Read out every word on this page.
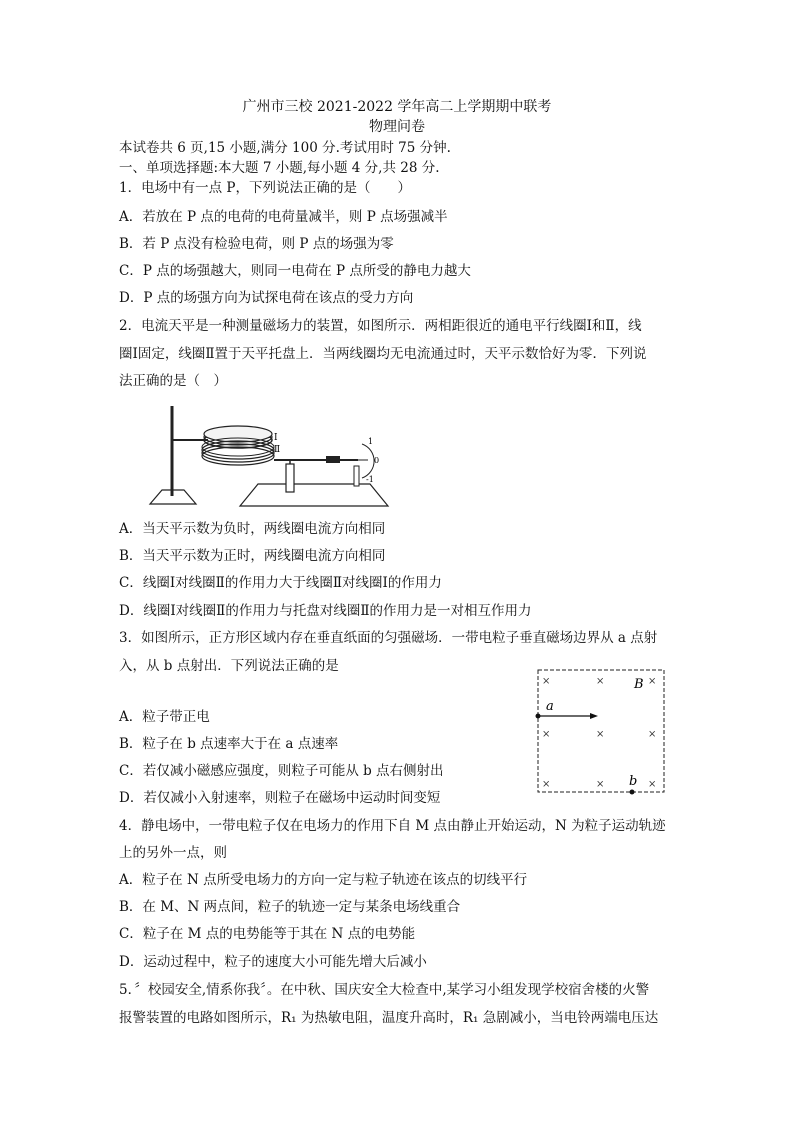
广州市三校 2021-2022 学年高二上学期期中联考
物理问卷
本试卷共 6 页,15 小题,满分 100 分.考试用时 75 分钟.
一、单项选择题:本大题 7 小题,每小题 4 分,共 28 分.
1．电场中有一点 P，下列说法正确的是（　　）
A．若放在 P 点的电荷的电荷量减半，则 P 点场强减半
B．若 P 点没有检验电荷，则 P 点的场强为零
C．P 点的场强越大，则同一电荷在 P 点所受的静电力越大
D．P 点的场强方向为试探电荷在该点的受力方向
2．电流天平是一种测量磁场力的装置，如图所示．两相距很近的通电平行线圈Ⅰ和Ⅱ，线
圈Ⅰ固定，线圈Ⅱ置于天平托盘上．当两线圈均无电流通过时，天平示数恰好为零．下列说
法正确的是（　）
Ⅰ
Ⅱ
1
0
-1
A．当天平示数为负时，两线圈电流方向相同
B．当天平示数为正时，两线圈电流方向相同
C．线圈Ⅰ对线圈Ⅱ的作用力大于线圈Ⅱ对线圈Ⅰ的作用力
D．线圈Ⅰ对线圈Ⅱ的作用力与托盘对线圈Ⅱ的作用力是一对相互作用力
3．如图所示，正方形区域内存在垂直纸面的匀强磁场．一带电粒子垂直磁场边界从 a 点射
入，从 b 点射出．下列说法正确的是
×	×	×
×	×	×
×	×	×
B
a
b
A．粒子带正电
B．粒子在 b 点速率大于在 a 点速率
C．若仅减小磁感应强度，则粒子可能从 b 点右侧射出
D．若仅减小入射速率，则粒子在磁场中运动时间变短
4．静电场中，一带电粒子仅在电场力的作用下自 M 点由静止开始运动，N 为粒子运动轨迹
上的另外一点，则
A．粒子在 N 点所受电场力的方向一定与粒子轨迹在该点的切线平行
B．在 M、N 两点间，粒子的轨迹一定与某条电场线重合
C．粒子在 M 点的电势能等于其在 N 点的电势能
D．运动过程中，粒子的速度大小可能先增大后减小
5．〞校园安全,情系你我〞。在中秋、国庆安全大检查中,某学习小组发现学校宿舍楼的火警
报警装置的电路如图所示，R₁ 为热敏电阻，温度升高时，R₁ 急剧减小，当电铃两端电压达
